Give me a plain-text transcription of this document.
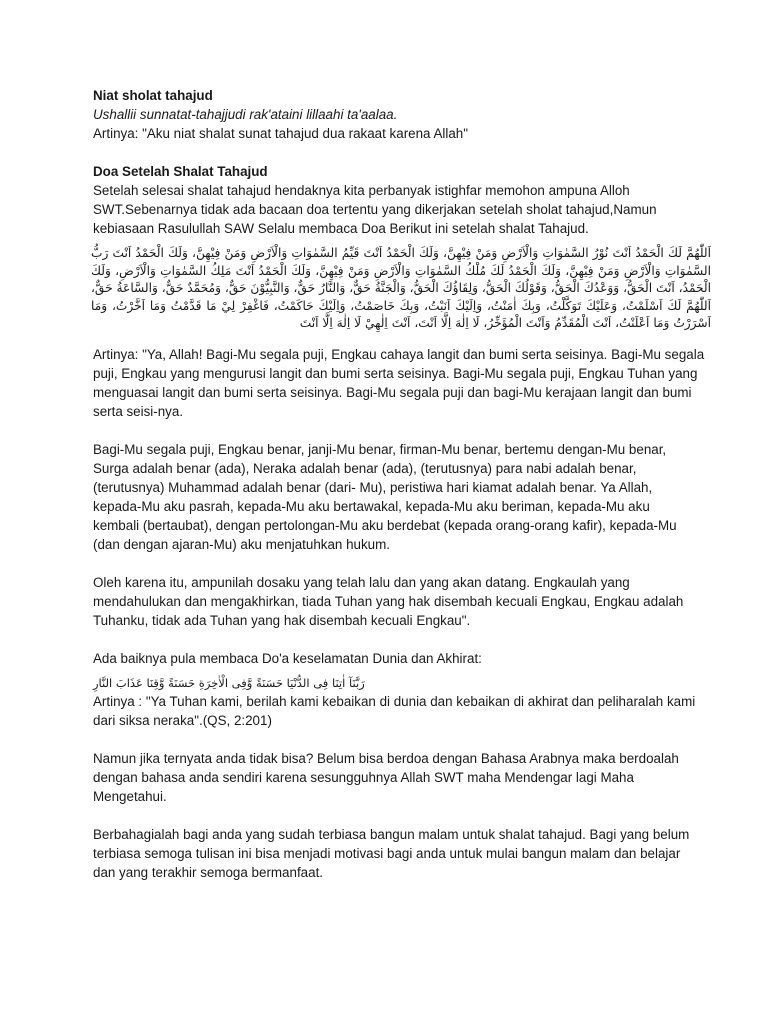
Niat sholat tahajud
Ushallii sunnatat-tahajjudi rak'ataini lillaahi ta'aalaa.
Artinya: "Aku niat shalat sunat tahajud dua rakaat karena Allah"
Doa Setelah Shalat Tahajud
Setelah selesai shalat tahajud hendaknya kita perbanyak istighfar memohon ampuna Alloh
SWT.Sebenarnya tidak ada bacaan doa tertentu yang dikerjakan setelah sholat tahajud,Namun
kebiasaan Rasulullah SAW Selalu membaca Doa Berikut ini setelah shalat Tahajud.
اَللّٰهُمَّ لَكَ الْحَمْدُ اَنْتَ نُوْرُ السَّمٰوَاتِ وَالْاَرْضِ وَمَنْ فِيْهِنَّ، وَلَكَ الْحَمْدُ اَنْتَ قَيِّمُ السَّمٰوَاتِ وَالْاَرْضِ وَمَنْ فِيْهِنَّ، وَلَكَ الْحَمْدُ اَنْتَ رَبُّ السَّمٰوَاتِ وَالْاَرْضِ وَمَنْ فِيْهِنَّ، وَلَكَ الْحَمْدُ لَكَ مُلْكُ السَّمٰوَاتِ وَالْاَرْضِ وَمَنْ فِيْهِنَّ، وَلَكَ الْحَمْدُ اَنْتَ مَلِكُ السَّمٰوَاتِ وَالْاَرْضِ، وَلَكَ الْحَمْدُ، اَنْتَ الْحَقُّ، وَوَعْدُكَ الْحَقُّ، وَقَوْلُكَ الْحَقُّ، وَلِقَاؤُكَ الْحَقُّ، وَالْجَنَّةُ حَقٌّ، وَالنَّارُ حَقٌّ، وَالنَّبِيُّوْنَ حَقٌّ، وَمُحَمَّدٌ حَقٌّ، وَالسَّاعَةُ حَقٌّ، اَللّٰهُمَّ لَكَ اَسْلَمْتُ، وَعَلَيْكَ تَوَكَّلْتُ، وَبِكَ اٰمَنْتُ، وَاِلَيْكَ اَنَبْتُ، وَبِكَ خَاصَمْتُ، وَاِلَيْكَ حَاكَمْتُ، فَاغْفِرْ لِيْ مَا قَدَّمْتُ وَمَا اَخَّرْتُ، وَمَا اَسْرَرْتُ وَمَا اَعْلَنْتُ، اَنْتَ الْمُقَدِّمُ وَاَنْتَ الْمُؤَخِّرُ، لَا اِلٰهَ اِلَّا اَنْتَ، اَنْتَ اِلٰهِيْ لَا اِلٰهَ اِلَّا اَنْتَ
Artinya: "Ya, Allah! Bagi-Mu segala puji, Engkau cahaya langit dan bumi serta seisinya. Bagi-Mu segala
puji, Engkau yang mengurusi langit dan bumi serta seisinya. Bagi-Mu segala puji, Engkau Tuhan yang
menguasai langit dan bumi serta seisinya. Bagi-Mu segala puji dan bagi-Mu kerajaan langit dan bumi
serta seisi-nya.
Bagi-Mu segala puji, Engkau benar, janji-Mu benar, firman-Mu benar, bertemu dengan-Mu benar,
Surga adalah benar (ada), Neraka adalah benar (ada), (terutusnya) para nabi adalah benar,
(terutusnya) Muhammad adalah benar (dari- Mu), peristiwa hari kiamat adalah benar. Ya Allah,
kepada-Mu aku pasrah, kepada-Mu aku bertawakal, kepada-Mu aku beriman, kepada-Mu aku
kembali (bertaubat), dengan pertolongan-Mu aku berdebat (kepada orang-orang kafir), kepada-Mu
(dan dengan ajaran-Mu) aku menjatuhkan hukum.
Oleh karena itu, ampunilah dosaku yang telah lalu dan yang akan datang. Engkaulah yang
mendahulukan dan mengakhirkan, tiada Tuhan yang hak disembah kecuali Engkau, Engkau adalah
Tuhanku, tidak ada Tuhan yang hak disembah kecuali Engkau".
Ada baiknya pula membaca Do'a keselamatan Dunia dan Akhirat:
رَبَّنَآ اٰتِنَا فِى الدُّنْيَا حَسَنَةً وَّفِى الْاٰخِرَةِ حَسَنَةً وَّقِنَا عَذَابَ النَّارِ
Artinya : "Ya Tuhan kami, berilah kami kebaikan di dunia dan kebaikan di akhirat dan peliharalah kami
dari siksa neraka".(QS, 2:201)
Namun jika ternyata anda tidak bisa? Belum bisa berdoa dengan Bahasa Arabnya maka berdoalah
dengan bahasa anda sendiri karena sesungguhnya Allah SWT maha Mendengar lagi Maha
Mengetahui.
Berbahagialah bagi anda yang sudah terbiasa bangun malam untuk shalat tahajud. Bagi yang belum
terbiasa semoga tulisan ini bisa menjadi motivasi bagi anda untuk mulai bangun malam dan belajar
dan yang terakhir semoga bermanfaat.
